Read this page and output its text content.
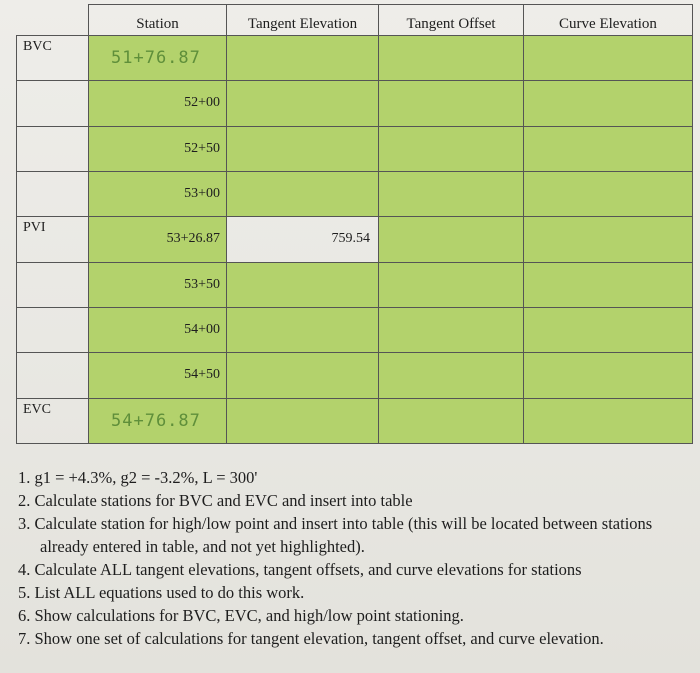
	Station	Tangent Elevation	Tangent Offset	Curve Elevation
BVC	51+76.87			

	52+00			

	52+50			

	53+00			

PVI	53+26.87	759.54		

	53+50			

	54+00			

	54+50			

EVC	54+76.87			

1. g1 = +4.3%, g2 = -3.2%, L = 300'
2. Calculate stations for BVC and EVC and insert into table
3. Calculate station for high/low point and insert into table (this will be located between stations already entered in table, and not yet highlighted).
4. Calculate ALL tangent elevations, tangent offsets, and curve elevations for stations
5. List ALL equations used to do this work.
6. Show calculations for BVC, EVC, and high/low point stationing.
7. Show one set of calculations for tangent elevation, tangent offset, and curve elevation.
